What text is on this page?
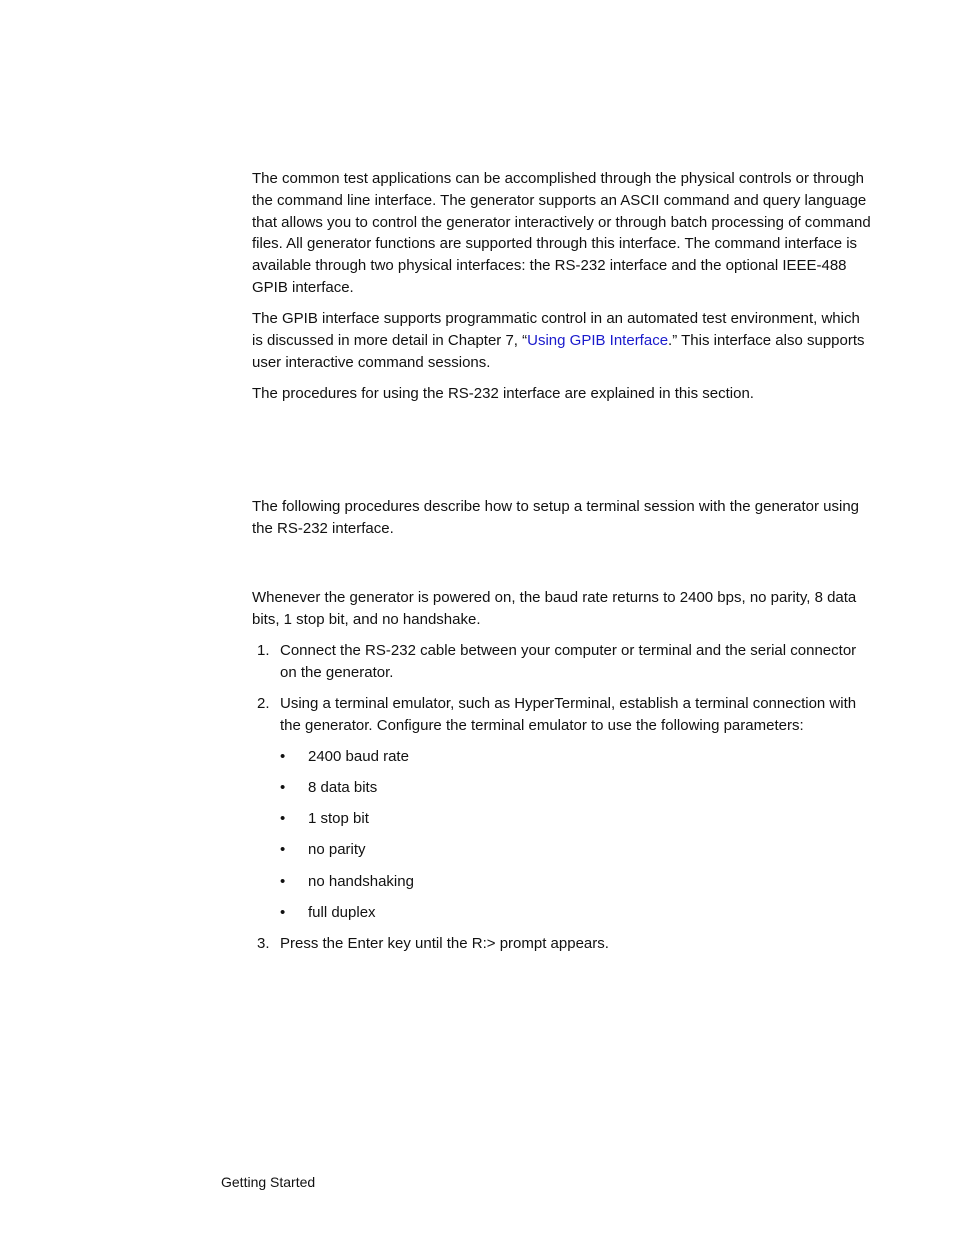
The common test applications can be accomplished through the physical controls or through the command line interface. The generator supports an ASCII command and query language that allows you to control the generator interactively or through batch processing of command files. All generator functions are supported through this interface. The command interface is available through two physical interfaces: the RS-232 interface and the optional IEEE-488 GPIB interface.

The GPIB interface supports programmatic control in an automated test environment, which is discussed in more detail in Chapter 7, “Using GPIB Interface.” This interface also supports user interactive command sessions.

The procedures for using the RS-232 interface are explained in this section.

The following procedures describe how to setup a terminal session with the generator using the RS-232 interface.

Whenever the generator is powered on, the baud rate returns to 2400 bps, no parity, 8 data bits, 1 stop bit, and no handshake.

1. Connect the RS-232 cable between your computer or terminal and the serial connector on the generator.

2. Using a terminal emulator, such as HyperTerminal, establish a terminal connection with the generator. Configure the terminal emulator to use the following parameters:

• 2400 baud rate
• 8 data bits
• 1 stop bit
• no parity
• no handshaking
• full duplex
3. Press the Enter key until the R:> prompt appears.

Getting Started
